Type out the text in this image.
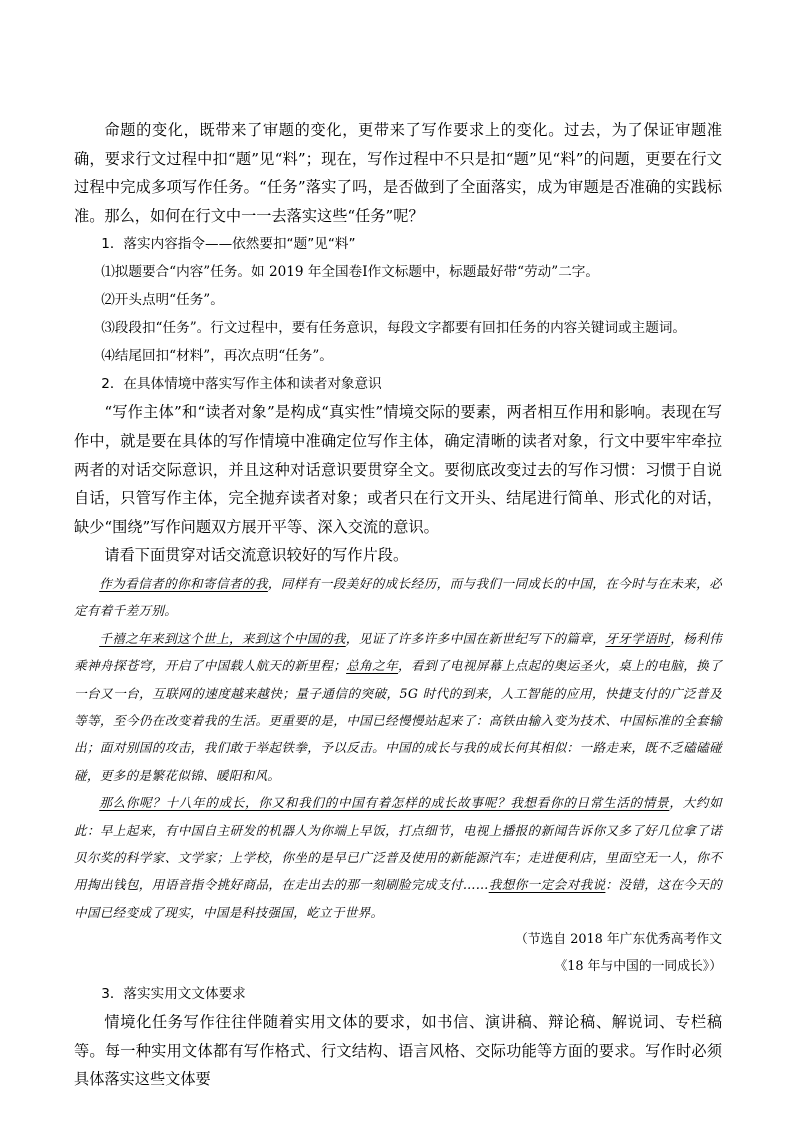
命题的变化，既带来了审题的变化，更带来了写作要求上的变化。过去，为了保证审题准确，要求行文过程中扣“题”见“料”；现在，写作过程中不只是扣“题”见“料”的问题，更要在行文过程中完成多项写作任务。“任务”落实了吗，是否做到了全面落实，成为审题是否准确的实践标准。那么，如何在行文中一一去落实这些“任务”呢？

1．落实内容指令——依然要扣“题”见“料”

⑴拟题要合“内容”任务。如 2019 年全国卷Ⅰ作文标题中，标题最好带“劳动”二字。

⑵开头点明“任务”。

⑶段段扣“任务”。行文过程中，要有任务意识，每段文字都要有回扣任务的内容关键词或主题词。

⑷结尾回扣“材料”，再次点明“任务”。

2．在具体情境中落实写作主体和读者对象意识

“写作主体”和“读者对象”是构成“真实性”情境交际的要素，两者相互作用和影响。表现在写作中，就是要在具体的写作情境中准确定位写作主体，确定清晰的读者对象，行文中要牢牢牵拉两者的对话交际意识，并且这种对话意识要贯穿全文。要彻底改变过去的写作习惯：习惯于自说自话，只管写作主体，完全抛弃读者对象；或者只在行文开头、结尾进行简单、形式化的对话，缺少“围绕”写作问题双方展开平等、深入交流的意识。

请看下面贯穿对话交流意识较好的写作片段。

作为看信者的你和寄信者的我，同样有一段美好的成长经历，而与我们一同成长的中国，在今时与在未来，必定有着千差万别。

千禧之年来到这个世上，来到这个中国的我，见证了许多许多中国在新世纪写下的篇章，牙牙学语时，杨利伟乘神舟探苍穹，开启了中国载人航天的新里程；总角之年，看到了电视屏幕上点起的奥运圣火，桌上的电脑，换了一台又一台，互联网的速度越来越快；量子通信的突破，5G 时代的到来，人工智能的应用，快捷支付的广泛普及等等，至今仍在改变着我的生活。更重要的是，中国已经慢慢站起来了：高铁由输入变为技术、中国标准的全套输出；面对别国的攻击，我们敢于举起铁拳，予以反击。中国的成长与我的成长何其相似：一路走来，既不乏磕磕碰碰，更多的是繁花似锦、暖阳和风。

那么你呢？十八年的成长，你又和我们的中国有着怎样的成长故事呢？我想看你的日常生活的情景，大约如此：早上起来，有中国自主研发的机器人为你端上早饭，打点细节，电视上播报的新闻告诉你又多了好几位拿了诺贝尔奖的科学家、文学家；上学校，你坐的是早已广泛普及使用的新能源汽车；走进便利店，里面空无一人，你不用掏出钱包，用语音指令挑好商品，在走出去的那一刻刷脸完成支付……我想你一定会对我说：没错，这在今天的中国已经变成了现实，中国是科技强国，屹立于世界。

（节选自 2018 年广东优秀高考作文

《18 年与中国的一同成长》）

3．落实实用文文体要求

情境化任务写作往往伴随着实用文体的要求，如书信、演讲稿、辩论稿、解说词、专栏稿等。每一种实用文体都有写作格式、行文结构、语言风格、交际功能等方面的要求。写作时必须具体落实这些文体要
